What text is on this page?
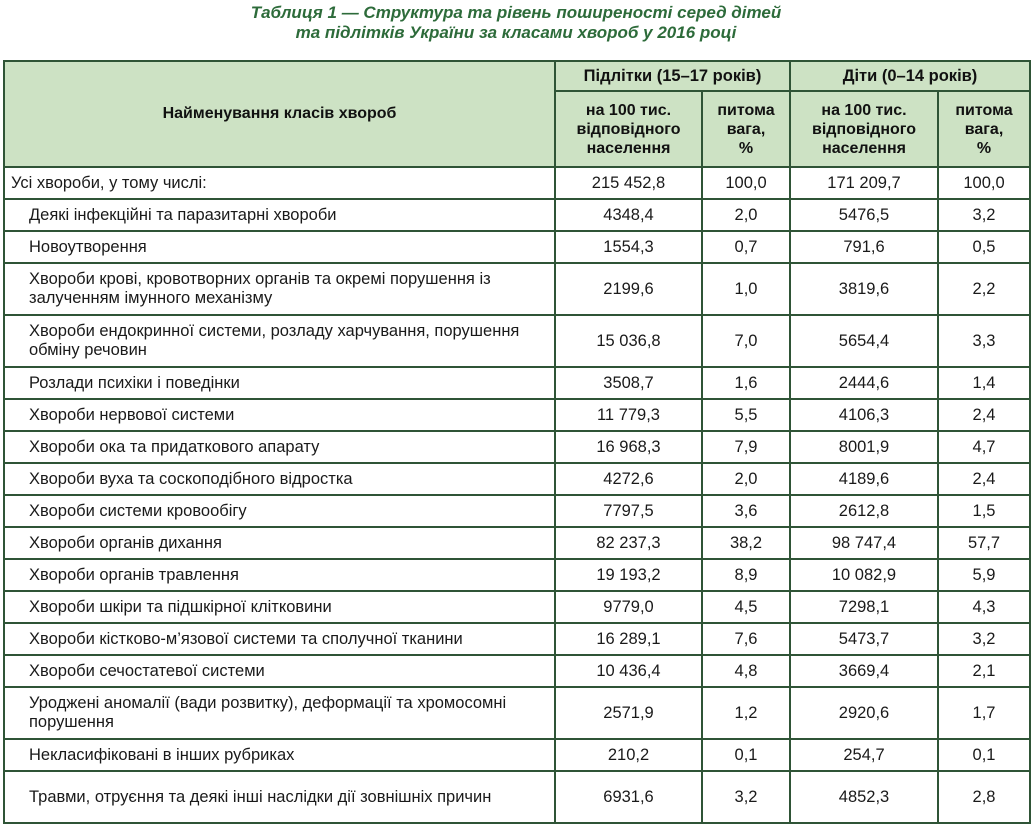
Таблиця 1 — Структура та рівень поширеності серед дітей
та підлітків України за класами хвороб у 2016 році
Найменування класів хвороб	Підлітки (15–17 років)		Діти (0–14 років)	
	на 100 тис.
відповідного
населення	питома
вага,
%	на 100 тис.
відповідного
населення	питома
вага,
%
Усі хвороби, у тому числі:	215 452,8	100,0	171 209,7	100,0
Деякі інфекційні та паразитарні хвороби	4348,4	2,0	5476,5	3,2
Новоутворення	1554,3	0,7	791,6	0,5
Хвороби крові, кровотворних органів та окремі порушення із залученням імунного механізму	2199,6	1,0	3819,6	2,2
Хвороби ендокринної системи, розладу харчування, порушення обміну речовин	15 036,8	7,0	5654,4	3,3
Розлади психіки і поведінки	3508,7	1,6	2444,6	1,4
Хвороби нервової системи	11 779,3	5,5	4106,3	2,4
Хвороби ока та придаткового апарату	16 968,3	7,9	8001,9	4,7
Хвороби вуха та соскоподібного відростка	4272,6	2,0	4189,6	2,4
Хвороби системи кровообігу	7797,5	3,6	2612,8	1,5
Хвороби органів дихання	82 237,3	38,2	98 747,4	57,7
Хвороби органів травлення	19 193,2	8,9	10 082,9	5,9
Хвороби шкіри та підшкірної клітковини	9779,0	4,5	7298,1	4,3
Хвороби кістково-м’язової системи та сполучної тканини	16 289,1	7,6	5473,7	3,2
Хвороби сечостатевої системи	10 436,4	4,8	3669,4	2,1
Уроджені аномалії (вади розвитку), деформації та хромосомні порушення	2571,9	1,2	2920,6	1,7
Некласифіковані в інших рубриках	210,2	0,1	254,7	0,1
Травми, отруєння та деякі інші наслідки дії зовнішніх причин	6931,6	3,2	4852,3	2,8
